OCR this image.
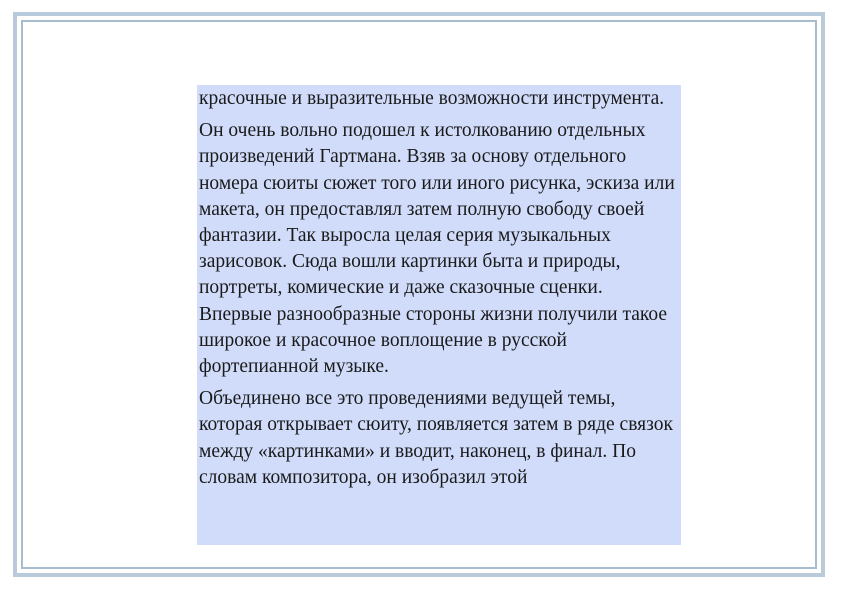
красочные и выразительные возможности инструмента.

Он очень вольно подошел к истолкованию отдельных произведений Гартмана. Взяв за основу отдельного номера сюиты сюжет того или иного рисунка, эскиза или макета, он предоставлял затем полную свободу своей фантазии. Так выросла целая серия музыкальных зарисовок. Сюда вошли картинки быта и природы, портреты, комические и даже сказочные сценки. Впервые разнообразные стороны жизни получили такое широкое и красочное воплощение в русской фортепианной музыке.

Объединено все это проведениями ведущей темы, которая открывает сюиту, появляется затем в ряде связок между «картинками» и вводит, наконец, в финал. По словам композитора, он изобразил этой
